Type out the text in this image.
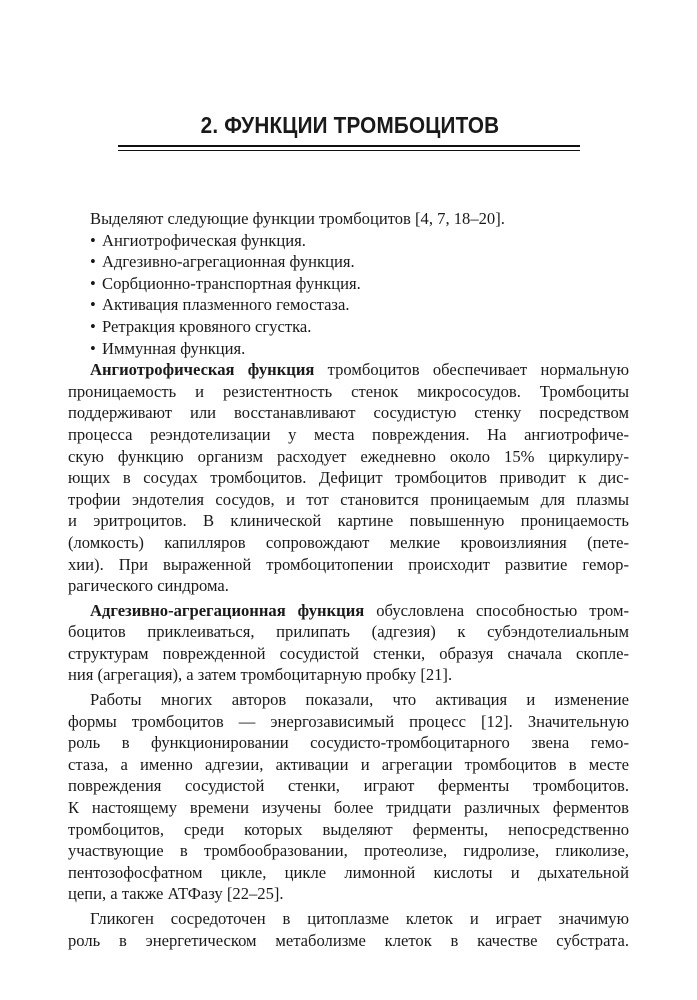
2. ФУНКЦИИ ТРОМБОЦИТОВ
Выделяют следующие функции тромбоцитов [4, 7, 18–20].
• Ангиотрофическая функция.
• Адгезивно-агрегационная функция.
• Сорбционно-транспортная функция.
• Активация плазменного гемостаза.
• Ретракция кровяного сгустка.
• Иммунная функция.
Ангиотрофическая функция тромбоцитов обеспечивает нормальную
проницаемость и резистентность стенок микрососудов. Тромбоциты
поддерживают или восстанавливают сосудистую стенку посредством
процесса реэндотелизации у места повреждения. На ангиотрофиче-
скую функцию организм расходует ежедневно около 15% циркулиру-
ющих в сосудах тромбоцитов. Дефицит тромбоцитов приводит к дис-
трофии эндотелия сосудов, и тот становится проницаемым для плазмы
и эритроцитов. В клинической картине повышенную проницаемость
(ломкость) капилляров сопровождают мелкие кровоизлияния (пете-
хии). При выраженной тромбоцитопении происходит развитие гемор-
рагического синдрома.
Адгезивно-агрегационная функция обусловлена способностью тром-
боцитов приклеиваться, прилипать (адгезия) к субэндотелиальным
структурам поврежденной сосудистой стенки, образуя сначала скопле-
ния (агрегация), а затем тромбоцитарную пробку [21].
Работы многих авторов показали, что активация и изменение
формы тромбоцитов — энергозависимый процесс [12]. Значительную
роль в функционировании сосудисто-тромбоцитарного звена гемо-
стаза, а именно адгезии, активации и агрегации тромбоцитов в месте
повреждения сосудистой стенки, играют ферменты тромбоцитов.
К настоящему времени изучены более тридцати различных ферментов
тромбоцитов, среди которых выделяют ферменты, непосредственно
участвующие в тромбообразовании, протеолизе, гидролизе, гликолизе,
пентозофосфатном цикле, цикле лимонной кислоты и дыхательной
цепи, а также АТФазу [22–25].
Гликоген сосредоточен в цитоплазме клеток и играет значимую
роль в энергетическом метаболизме клеток в качестве субстрата.
